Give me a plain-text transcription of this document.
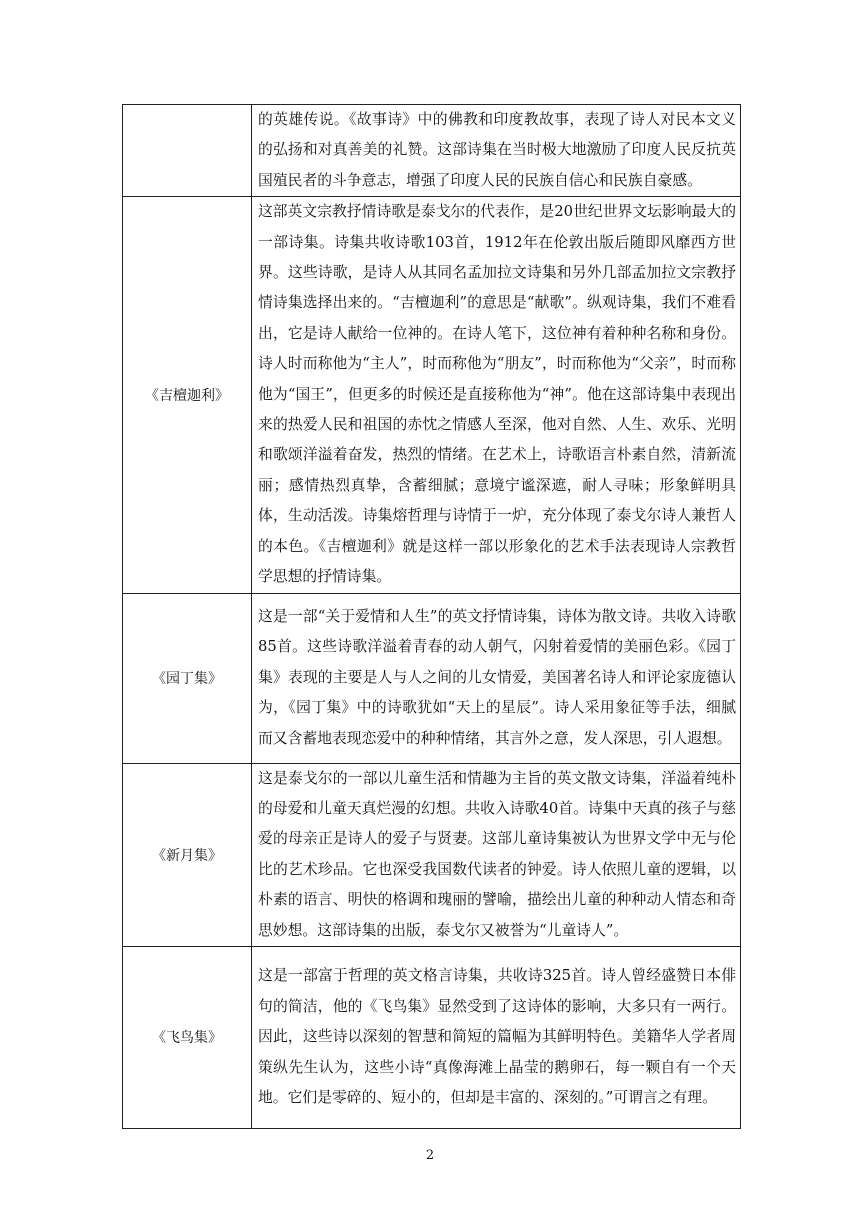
	的英雄传说。《故事诗》中的佛教和印度教故事，表现了诗人对民本文义的弘扬和对真善美的礼赞。这部诗集在当时极大地激励了印度人民反抗英国殖民者的斗争意志，增强了印度人民的民族自信心和民族自豪感。

《吉檀迦利》	这部英文宗教抒情诗歌是泰戈尔的代表作，是20世纪世界文坛影响最大的一部诗集。诗集共收诗歌103首，1912年在伦敦出版后随即风靡西方世界。这些诗歌，是诗人从其同名孟加拉文诗集和另外几部孟加拉文宗教抒情诗集选择出来的。“吉檀迦利”的意思是“献歌”。纵观诗集，我们不难看出，它是诗人献给一位神的。在诗人笔下，这位神有着种种名称和身份。诗人时而称他为“主人”，时而称他为“朋友”，时而称他为“父亲”，时而称他为“国王”，但更多的时候还是直接称他为“神”。他在这部诗集中表现出来的热爱人民和祖国的赤忱之情感人至深，他对自然、人生、欢乐、光明和歌颂洋溢着奋发，热烈的情绪。在艺术上，诗歌语言朴素自然，清新流丽；感情热烈真挚，含蓄细腻；意境宁谧深遮，耐人寻味；形象鲜明具体，生动活泼。诗集熔哲理与诗情于一炉，充分体现了泰戈尔诗人兼哲人的本色。《吉檀迦利》就是这样一部以形象化的艺术手法表现诗人宗教哲学思想的抒情诗集。

《园丁集》	这是一部“关于爱情和人生”的英文抒情诗集，诗体为散文诗。共收入诗歌85首。这些诗歌洋溢着青春的动人朝气，闪射着爱情的美丽色彩。《园丁集》表现的主要是人与人之间的儿女情爱，美国著名诗人和评论家庞德认为，《园丁集》中的诗歌犹如“天上的星辰”。诗人采用象征等手法，细腻而又含蓄地表现恋爱中的种种情绪，其言外之意，发人深思，引人遐想。

《新月集》	这是泰戈尔的一部以儿童生活和情趣为主旨的英文散文诗集，洋溢着纯朴的母爱和儿童天真烂漫的幻想。共收入诗歌40首。诗集中天真的孩子与慈爱的母亲正是诗人的爱子与贤妻。这部儿童诗集被认为世界文学中无与伦比的艺术珍品。它也深受我国数代读者的钟爱。诗人依照儿童的逻辑，以朴素的语言、明快的格调和瑰丽的譬喻，描绘出儿童的种种动人情态和奇思妙想。这部诗集的出版，泰戈尔又被誉为“儿童诗人”。

《飞鸟集》	这是一部富于哲理的英文格言诗集，共收诗325首。诗人曾经盛赞日本俳句的简洁，他的《飞鸟集》显然受到了这诗体的影响，大多只有一两行。因此，这些诗以深刻的智慧和简短的篇幅为其鲜明特色。美籍华人学者周策纵先生认为，这些小诗“真像海滩上晶莹的鹅卵石，每一颗自有一个天地。它们是零碎的、短小的，但却是丰富的、深刻的。”可谓言之有理。

2
